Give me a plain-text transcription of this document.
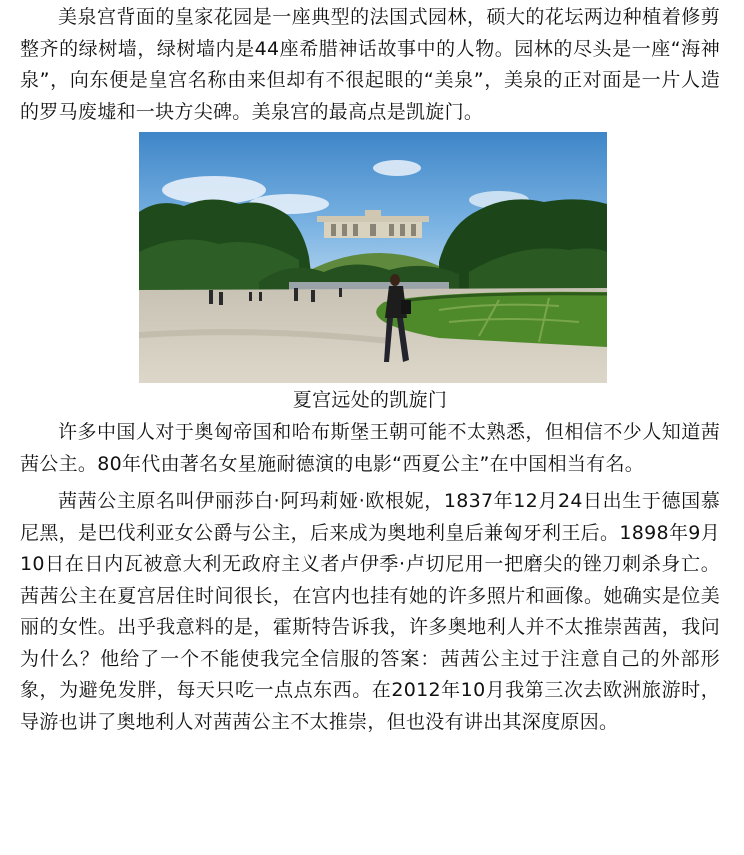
美泉宫背面的皇家花园是一座典型的法国式园林，硕大的花坛两边种植着修剪整齐的绿树墙，绿树墙内是44座希腊神话故事中的人物。园林的尽头是一座“海神泉”，向东便是皇宫名称由来但却有不很起眼的“美泉”，美泉的正对面是一片人造的罗马废墟和一块方尖碑。美泉宫的最高点是凯旋门。

夏宫远处的凯旋门

许多中国人对于奥匈帝国和哈布斯堡王朝可能不太熟悉，但相信不少人知道茜茜公主。80年代由著名女星施耐德演的电影“西夏公主”在中国相当有名。

茜茜公主原名叫伊丽莎白·阿玛莉娅·欧根妮，1837年12月24日出生于德国慕尼黑，是巴伐利亚女公爵与公主，后来成为奥地利皇后兼匈牙利王后。1898年9月10日在日内瓦被意大利无政府主义者卢伊季·卢切尼用一把磨尖的锉刀刺杀身亡。茜茜公主在夏宫居住时间很长，在宫内也挂有她的许多照片和画像。她确实是位美丽的女性。出乎我意料的是，霍斯特告诉我，许多奥地利人并不太推崇茜茜，我问为什么？他给了一个不能使我完全信服的答案：茜茜公主过于注意自己的外部形象，为避免发胖，每天只吃一点点东西。在2012年10月我第三次去欧洲旅游时，导游也讲了奥地利人对茜茜公主不太推崇，但也没有讲出其深度原因。
